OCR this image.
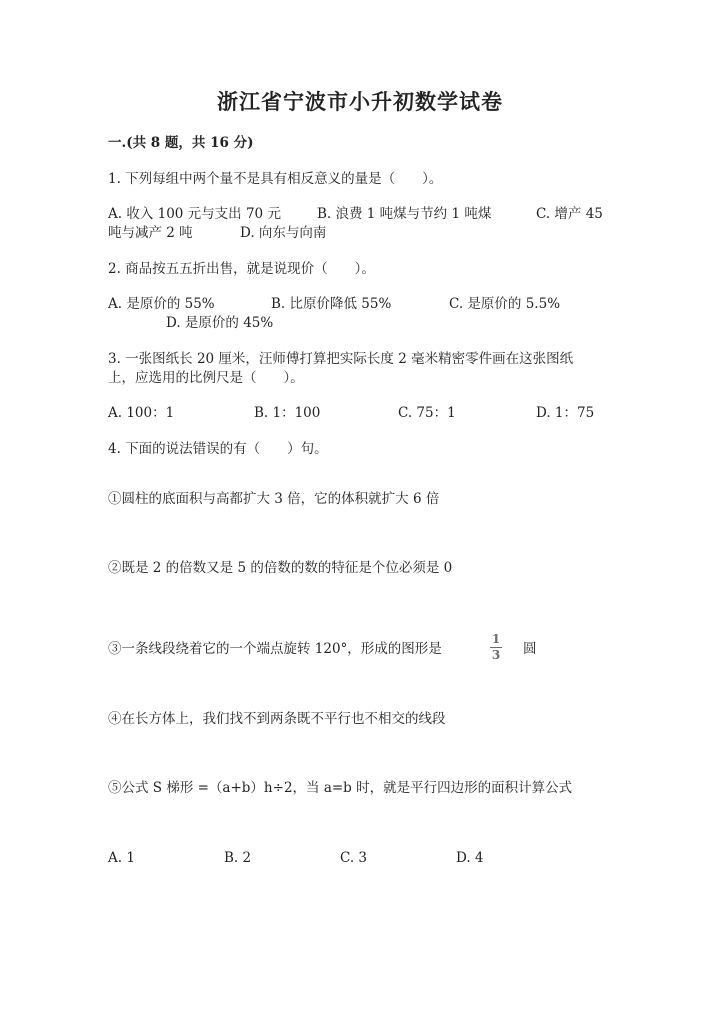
浙江省宁波市小升初数学试卷
一.(共 8 题，共 16 分)
1. 下列每组中两个量不是具有相反意义的量是（　　）。
A. 收入 100 元与支出 70 元	B. 浪费 1 吨煤与节约 1 吨煤	C. 增产 45
吨与减产 2 吨	D. 向东与向南
2. 商品按五五折出售，就是说现价（　　）。
A. 是原价的 55%	B. 比原价降低 55%	C. 是原价的 5.5%
D. 是原价的 45%
3. 一张图纸长 20 厘米，汪师傅打算把实际长度 2 毫米精密零件画在这张图纸
上，应选用的比例尺是（　　）。
A. 100：1	B. 1：100	C. 75：1	D. 1：75
4. 下面的说法错误的有（　　）句。
①圆柱的底面积与高都扩大 3 倍，它的体积就扩大 6 倍
②既是 2 的倍数又是 5 的倍数的数的特征是个位必须是 0
③一条线段绕着它的一个端点旋转 120°，形成的图形是
1
3 圆
④在长方体上，我们找不到两条既不平行也不相交的线段
⑤公式 S 梯形 =（a+b）h÷2，当 a=b 时，就是平行四边形的面积计算公式
A. 1	B. 2	C. 3	D. 4
